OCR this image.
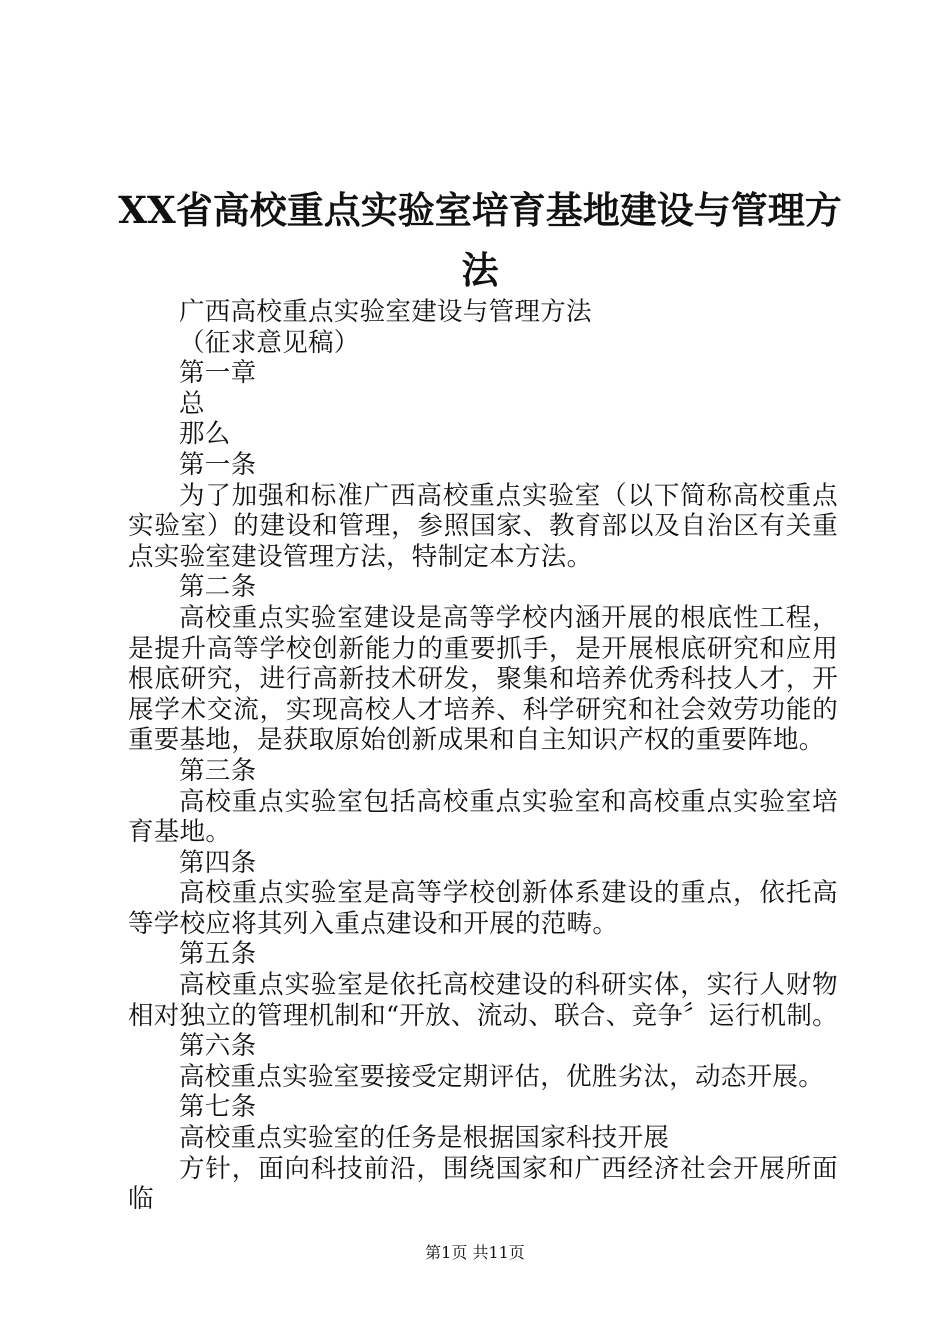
XX省高校重点实验室培育基地建设与管理方
法

广西高校重点实验室建设与管理方法

（征求意见稿）

第一章

总

那么

第一条

为了加强和标准广西高校重点实验室（以下简称高校重点实验室）的建设和管理，参照国家、教育部以及自治区有关重点实验室建设管理方法，特制定本方法。

第二条

高校重点实验室建设是高等学校内涵开展的根底性工程，是提升高等学校创新能力的重要抓手，是开展根底研究和应用根底研究，进行高新技术研发，聚集和培养优秀科技人才，开展学术交流，实现高校人才培养、科学研究和社会效劳功能的重要基地，是获取原始创新成果和自主知识产权的重要阵地。

第三条

高校重点实验室包括高校重点实验室和高校重点实验室培育基地。

第四条

高校重点实验室是高等学校创新体系建设的重点，依托高等学校应将其列入重点建设和开展的范畴。

第五条

高校重点实验室是依托高校建设的科研实体，实行人财物相对独立的管理机制和“开放、流动、联合、竞争〞运行机制。

第六条

高校重点实验室要接受定期评估，优胜劣汰，动态开展。

第七条

高校重点实验室的任务是根据国家科技开展

方针，面向科技前沿，围绕国家和广西经济社会开展所面临

第1页 共11页
